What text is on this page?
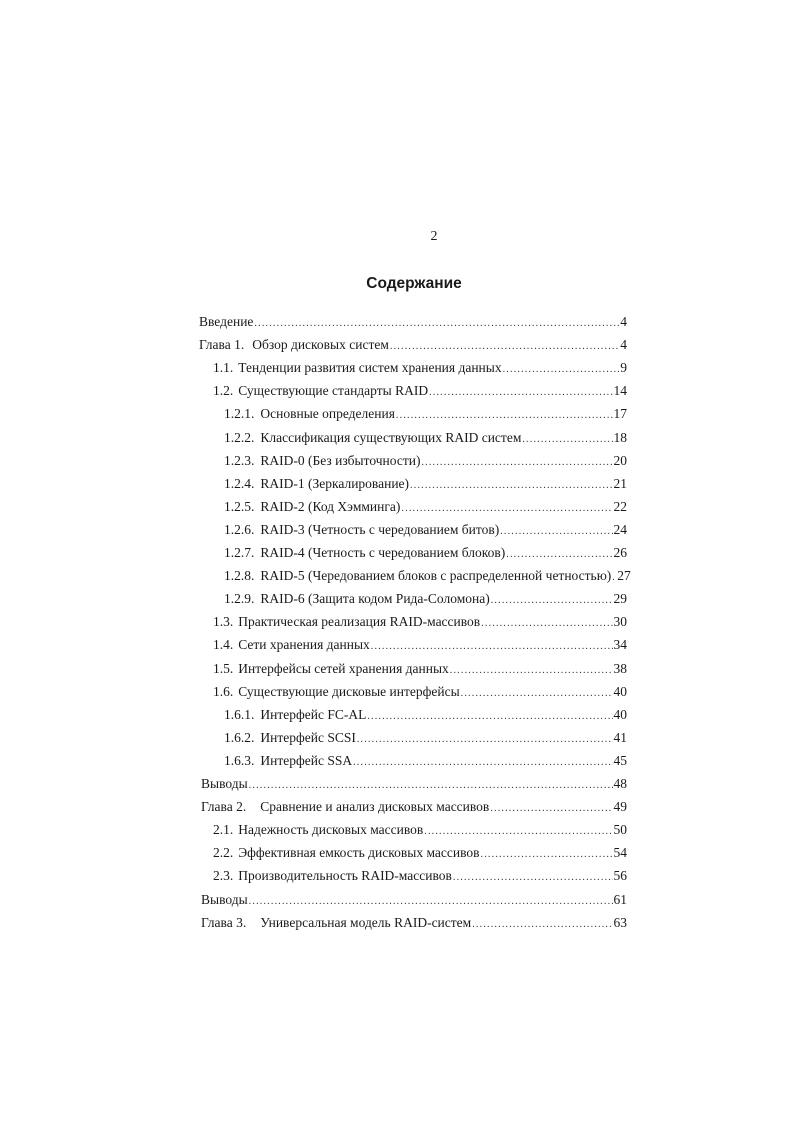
2
Содержание
Введение .....	4
Глава 1. Обзор дисковых систем .....	4
1.1. Тенденции развития систем хранения данных .....	9
1.2. Существующие стандарты RAID .....	14
1.2.1. Основные определения .....	17
1.2.2. Классификация существующих RAID систем .....	18
1.2.3. RAID-0 (Без избыточности) .....	20
1.2.4. RAID-1 (Зеркалирование) .....	21
1.2.5. RAID-2 (Код Хэмминга) .....	22
1.2.6. RAID-3 (Четность с чередованием битов) .....	24
1.2.7. RAID-4 (Четность с чередованием блоков) .....	26
1.2.8. RAID-5 (Чередованием блоков с распределенной четностью) ..... 27
1.2.9. RAID-6 (Защита кодом Рида-Соломона) .....	29
1.3. Практическая реализация RAID-массивов .....	30
1.4. Сети хранения данных .....	34
1.5. Интерфейсы сетей хранения данных .....	38
1.6. Существующие дисковые интерфейсы .....	40
1.6.1. Интерфейс FC-AL .....	40
1.6.2. Интерфейс SCSI .....	41
1.6.3. Интерфейс SSA .....	45
Выводы .....	48
Глава 2. Сравнение и анализ дисковых массивов .....	49
2.1. Надежность дисковых массивов .....	50
2.2. Эффективная емкость дисковых массивов .....	54
2.3. Производительность RAID-массивов .....	56
Выводы .....	61
Глава 3. Универсальная модель RAID-систем .....	63
